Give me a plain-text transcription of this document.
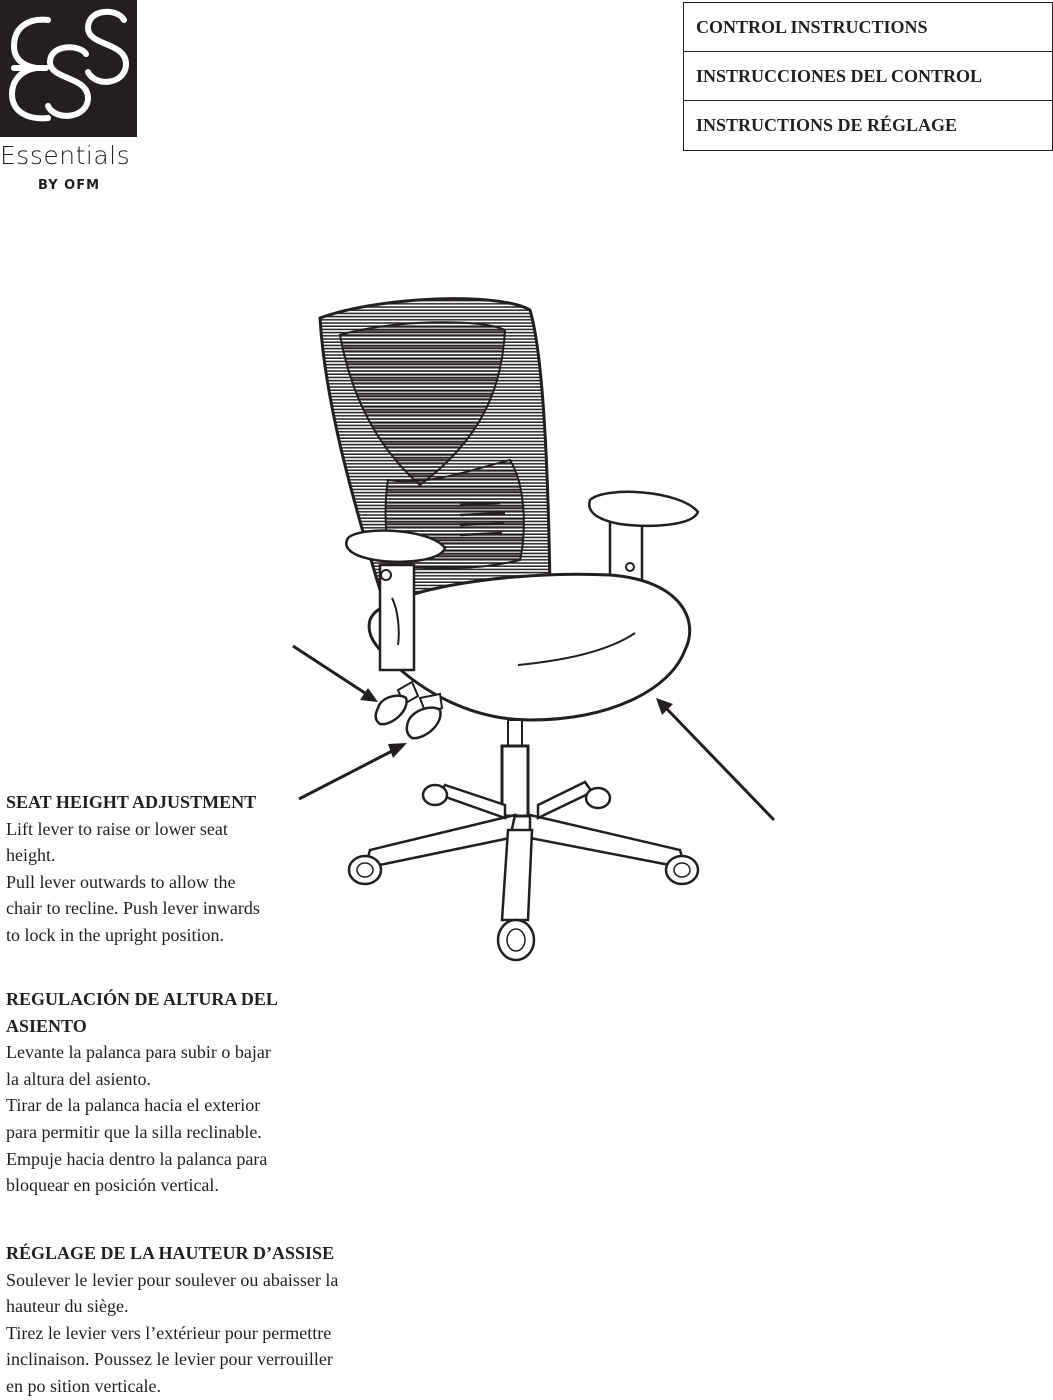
Essentials
BY OFM
CONTROL INSTRUCTIONS
INSTRUCCIONES DEL CONTROL
INSTRUCTIONS DE RÉGLAGE
SEAT HEIGHT ADJUSTMENT

Lift lever to raise or lower seat

height.

Pull lever outwards to allow the

chair to recline. Push lever inwards

to lock in the upright position.

REGULACIÓN DE ALTURA DEL
ASIENTO

Levante la palanca para subir o bajar

la altura del asiento.

Tirar de la palanca hacia el exterior

para permitir que la silla reclinable.

Empuje hacia dentro la palanca para

bloquear en posición vertical.

RÉGLAGE DE LA HAUTEUR D’ASSISE

Soulever le levier pour soulever ou abaisser la

hauteur du siège.

Tirez le levier vers l’extérieur pour permettre

inclinaison. Poussez le levier pour verrouiller

en po sition verticale.
